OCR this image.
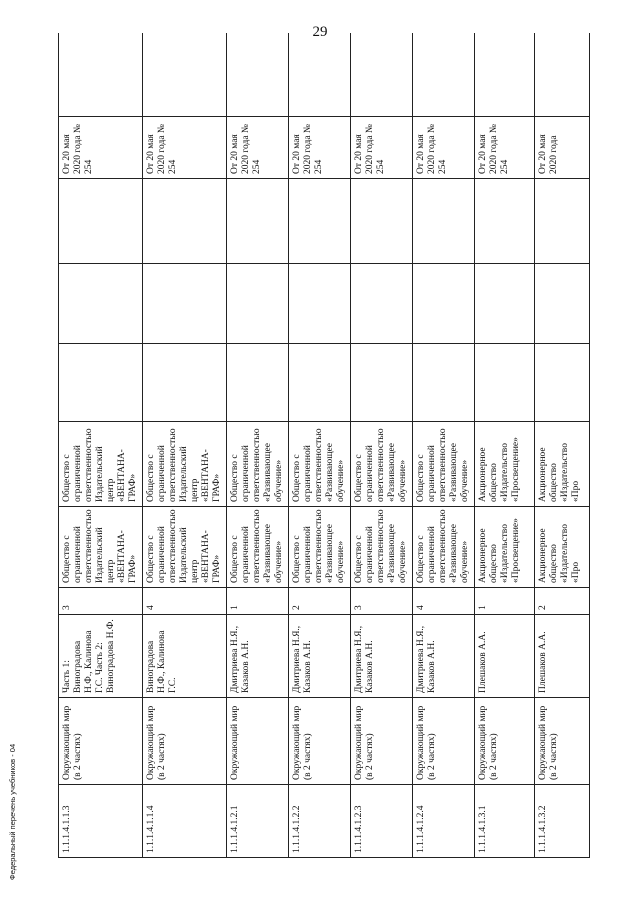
29
Федеральный перечень учебников - 04	1.1.1.4.1.1.3	Окружающий мир (в 2 частях)	Часть 1: Виноградова Н.Ф., Калинова Г.С. Часть 2: Виноградова Н.Ф.	3	Общество с ограниченной ответственностью Издательский центр «ВЕНТАНА-ГРАФ»	Общество с ограниченной ответственностью Издательский центр «ВЕНТАНА-ГРАФ»				От 20 мая 2020 года № 254	
1.1.1.4.1.1.4	Окружающий мир (в 2 частях)	Виноградова Н.Ф., Калинова Г.С.	4	Общество с ограниченной ответственностью Издательский центр «ВЕНТАНА-ГРАФ»	Общество с ограниченной ответственностью Издательский центр «ВЕНТАНА-ГРАФ»				От 20 мая 2020 года № 254	
1.1.1.4.1.2.1	Окружающий мир	Дмитриева Н.Я., Казаков А.Н.	1	Общество с ограниченной ответственностью «Развивающее обучение»	Общество с ограниченной ответственностью «Развивающее обучение»				От 20 мая 2020 года № 254	
1.1.1.4.1.2.2	Окружающий мир (в 2 частях)	Дмитриева Н.Я., Казаков А.Н.	2	Общество с ограниченной ответственностью «Развивающее обучение»	Общество с ограниченной ответственностью «Развивающее обучение»				От 20 мая 2020 года № 254	
1.1.1.4.1.2.3	Окружающий мир (в 2 частях)	Дмитриева Н.Я., Казаков А.Н.	3	Общество с ограниченной ответственностью «Развивающее обучение»	Общество с ограниченной ответственностью «Развивающее обучение»				От 20 мая 2020 года № 254	
1.1.1.4.1.2.4	Окружающий мир (в 2 частях)	Дмитриева Н.Я., Казаков А.Н.	4	Общество с ограниченной ответственностью «Развивающее обучение»	Общество с ограниченной ответственностью «Развивающее обучение»				От 20 мая 2020 года № 254	
1.1.1.4.1.3.1	Окружающий мир (в 2 частях)	Плешаков А.А.	1	Акционерное общество «Издательство «Просвещение»	Акционерное общество «Издательство «Просвещение»				От 20 мая 2020 года № 254	
1.1.1.4.1.3.2	Окружающий мир (в 2 частях)	Плешаков А.А.	2	Акционерное общество «Издательство «Про	Акционерное общество «Издательство «Про				От 20 мая 2020 года	
